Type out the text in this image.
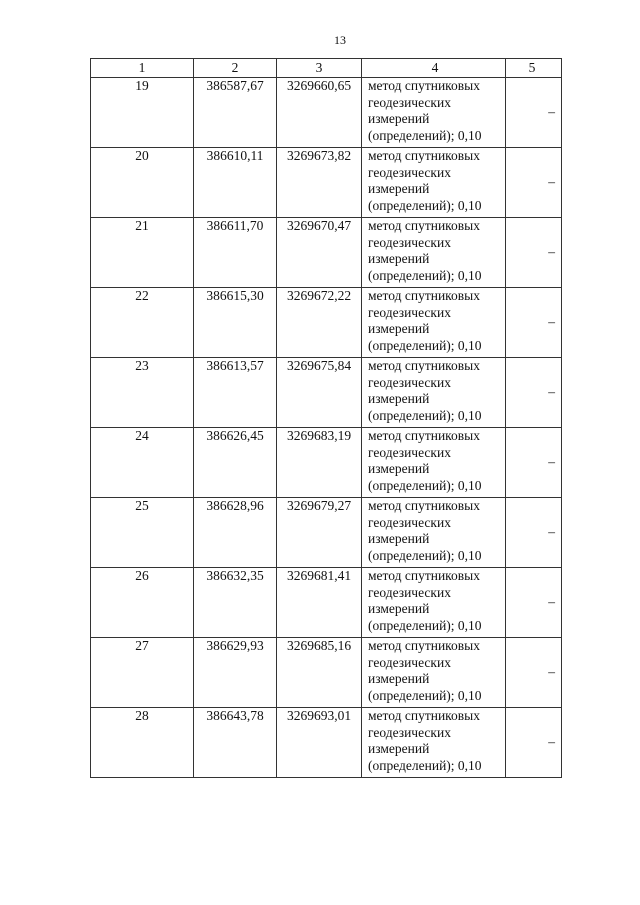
13
1	2	3	4	5
19	386587,67	3269660,65	метод спутниковых геодезических измерений (определений); 0,10	–
20	386610,11	3269673,82	метод спутниковых геодезических измерений (определений); 0,10	–
21	386611,70	3269670,47	метод спутниковых геодезических измерений (определений); 0,10	–
22	386615,30	3269672,22	метод спутниковых геодезических измерений (определений); 0,10	–
23	386613,57	3269675,84	метод спутниковых геодезических измерений (определений); 0,10	–
24	386626,45	3269683,19	метод спутниковых геодезических измерений (определений); 0,10	–
25	386628,96	3269679,27	метод спутниковых геодезических измерений (определений); 0,10	–
26	386632,35	3269681,41	метод спутниковых геодезических измерений (определений); 0,10	–
27	386629,93	3269685,16	метод спутниковых геодезических измерений (определений); 0,10	–
28	386643,78	3269693,01	метод спутниковых геодезических измерений (определений); 0,10	–
